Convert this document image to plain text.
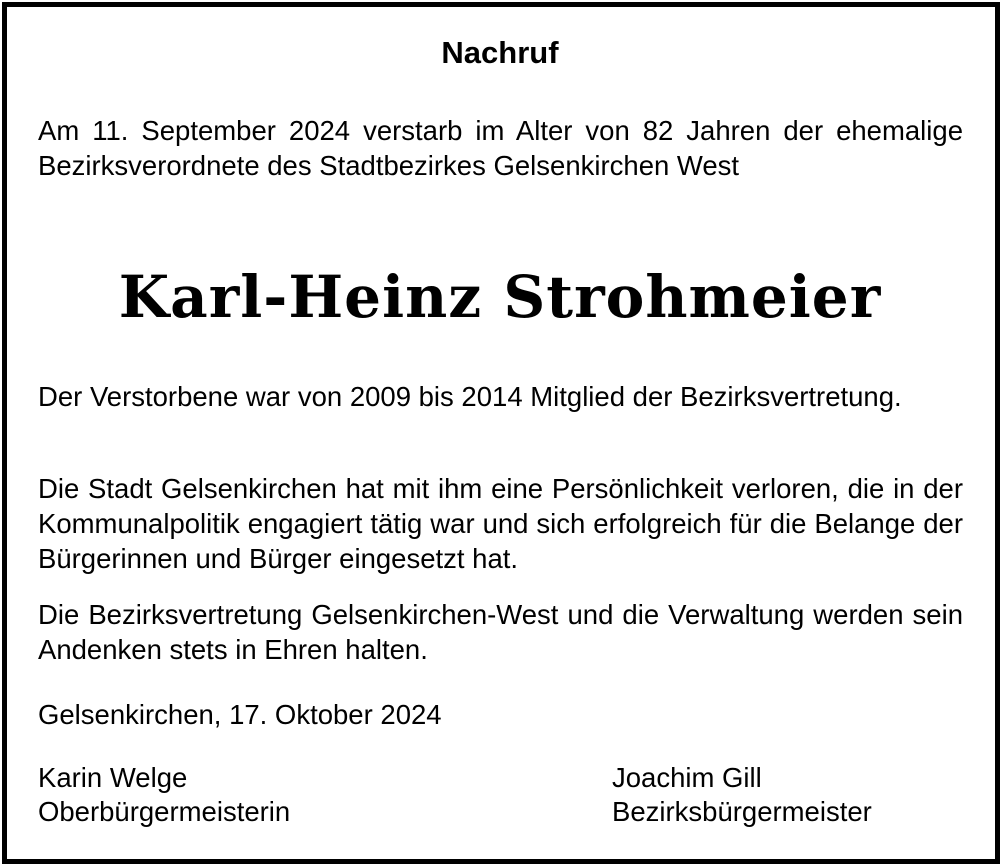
Nachruf

Am 11. September 2024 verstarb im Alter von 82 Jahren der ehemalige Bezirksverordnete des Stadtbezirkes Gelsenkirchen West

Karl-Heinz Strohmeier

Der Verstorbene war von 2009 bis 2014 Mitglied der Bezirksvertretung.

Die Stadt Gelsenkirchen hat mit ihm eine Persönlichkeit verloren, die in der Kommunalpolitik engagiert tätig war und sich erfolgreich für die Belange der Bürgerinnen und Bürger eingesetzt hat.

Die Bezirksvertretung Gelsenkirchen-West und die Verwaltung werden sein Andenken stets in Ehren halten.

Gelsenkirchen, 17. Oktober 2024
Karin Welge
Oberbürgermeisterin
Joachim Gill
Bezirksbürgermeister
